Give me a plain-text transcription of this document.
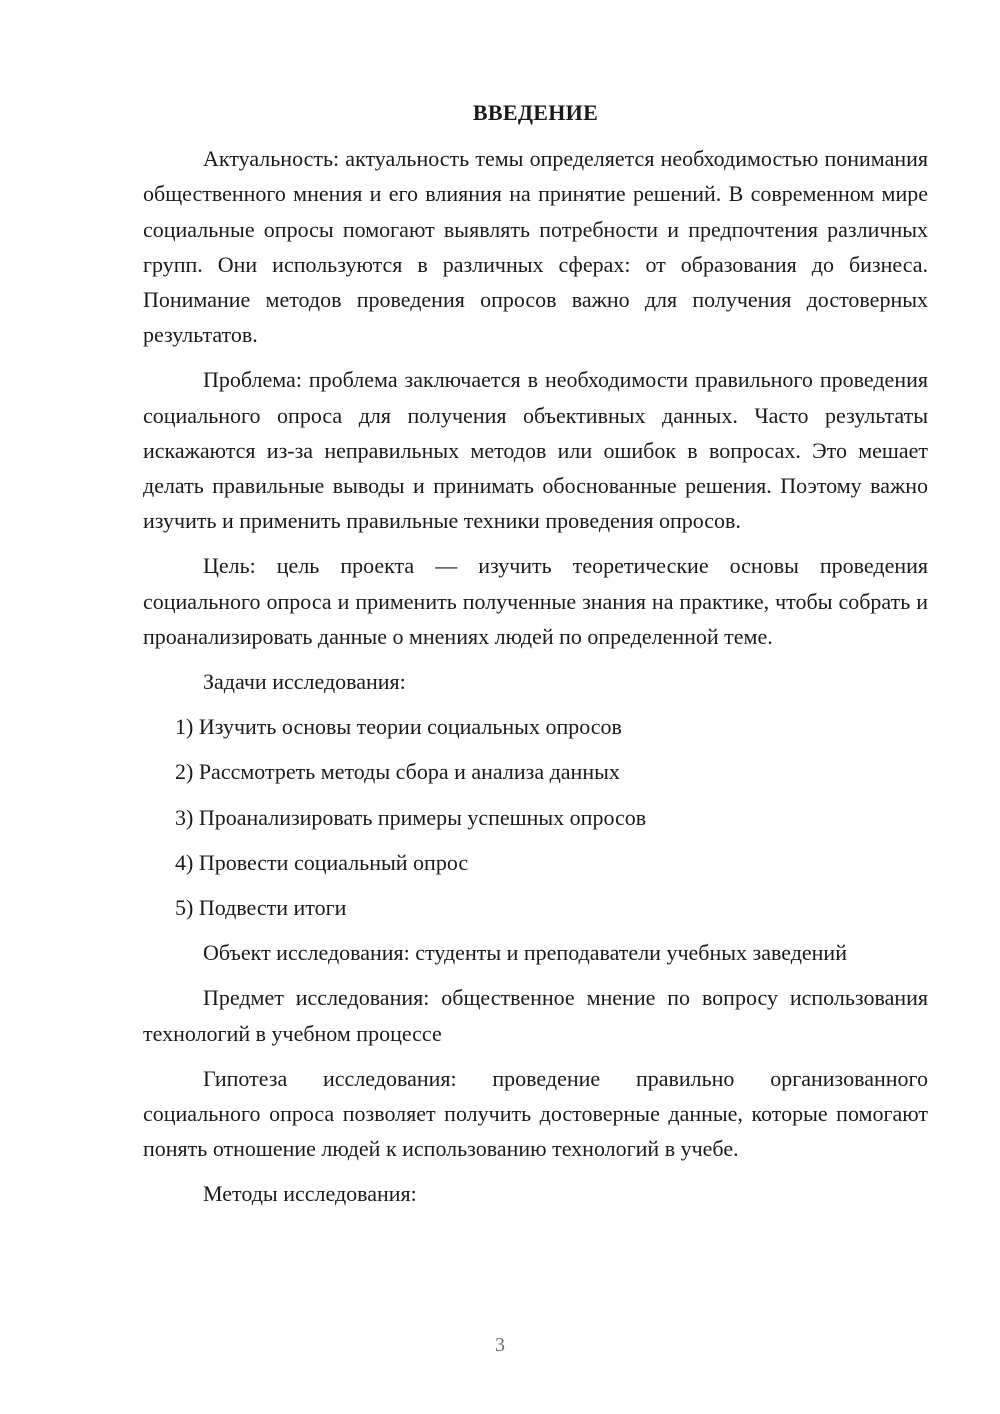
ВВЕДЕНИЕ

Актуальность: актуальность темы определяется необходимостью понимания общественного мнения и его влияния на принятие решений. В современном мире социальные опросы помогают выявлять потребности и предпочтения различных групп. Они используются в различных сферах: от образования до бизнеса. Понимание методов проведения опросов важно для получения достоверных результатов.

Проблема: проблема заключается в необходимости правильного проведения социального опроса для получения объективных данных. Часто результаты искажаются из-за неправильных методов или ошибок в вопросах. Это мешает делать правильные выводы и принимать обоснованные решения. Поэтому важно изучить и применить правильные техники проведения опросов.

Цель: цель проекта — изучить теоретические основы проведения социального опроса и применить полученные знания на практике, чтобы собрать и проанализировать данные о мнениях людей по определенной теме.

Задачи исследования:

1) Изучить основы теории социальных опросов
2) Рассмотреть методы сбора и анализа данных
3) Проанализировать примеры успешных опросов
4) Провести социальный опрос
5) Подвести итоги

Объект исследования: студенты и преподаватели учебных заведений

Предмет исследования: общественное мнение по вопросу использования технологий в учебном процессе

Гипотеза исследования: проведение правильно организованного социального опроса позволяет получить достоверные данные, которые помогают понять отношение людей к использованию технологий в учебе.

Методы исследования:

3
